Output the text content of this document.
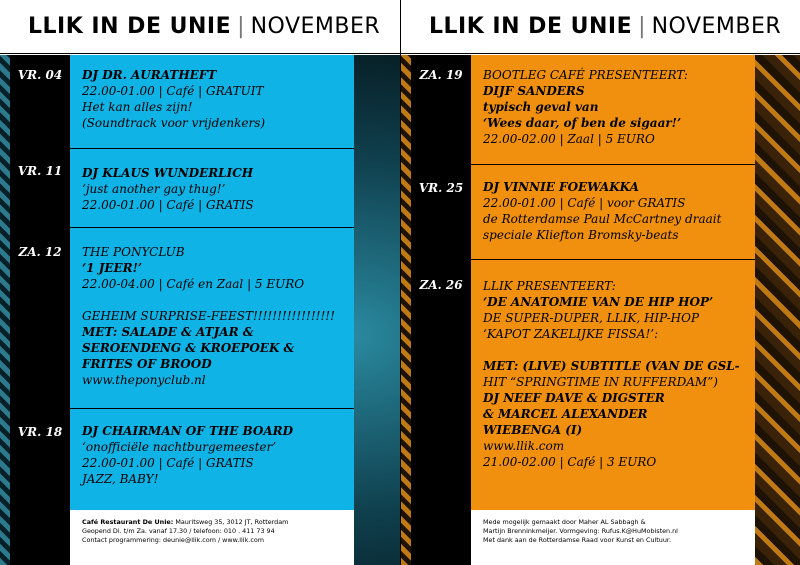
LLIK IN DE UNIE | NOVEMBER
DJ DR. AURATHEFT
22.00-01.00 | Café | GRATUIT
Het kan alles zijn!
(Soundtrack voor vrijdenkers)
DJ KLAUS WUNDERLICH
‘just another gay thug!’
22.00-01.00 | Café | GRATIS
THE PONYCLUB
‘1 JEER!’
22.00-04.00 | Café en Zaal | 5 EURO
GEHEIM SURPRISE-FEEST!!!!!!!!!!!!!!!!!
MET: SALADE & ATJAR &
SEROENDENG & KROEPOEK &
FRITES OF BROOD
www.theponyclub.nl
DJ CHAIRMAN OF THE BOARD
‘onofficiële nachtburgemeester’
22.00-01.00 | Café | GRATIS
JAZZ, BABY!
VR. 04
VR. 11
ZA. 12
VR. 18
Café Restaurant De Unie: Mauritsweg 35, 3012 JT, Rotterdam
Geopend Di. t/m Za. vanaf 17.30 / telefoon: 010 . 411 73 94
Contact programmering: deunie@llik.com / www.llik.com
LLIK IN DE UNIE | NOVEMBER
BOOTLEG CAFÉ PRESENTEERT:
DIJF SANDERS
typisch geval van
‘Wees daar, of ben de sigaar!’
22.00-02.00 | Zaal | 5 EURO
DJ VINNIE FOEWAKKA
22.00-01.00 | Café | voor GRATIS
de Rotterdamse Paul McCartney draait
speciale Kliefton Bromsky-beats
LLIK PRESENTEERT:
‘DE ANATOMIE VAN DE HIP HOP’
DE SUPER-DUPER, LLIK, HIP-HOP
‘KAPOT ZAKELIJKE FISSA!’:
MET: (LIVE) SUBTITLE (VAN DE GSL-
HIT “SPRINGTIME IN RUFFERDAM”)
DJ NEEF DAVE & DIGSTER
& MARCEL ALEXANDER
WIEBENGA (I)
www.llik.com
21.00-02.00 | Café | 3 EURO
ZA. 19
VR. 25
ZA. 26
Mede mogelijk gemaakt door Maher AL Sabbagh &
Martijn Brenninkmeijer. Vormgeving: Rufus.K@HuMobisten.nl
Met dank aan de Rotterdamse Raad voor Kunst en Cultuur.
